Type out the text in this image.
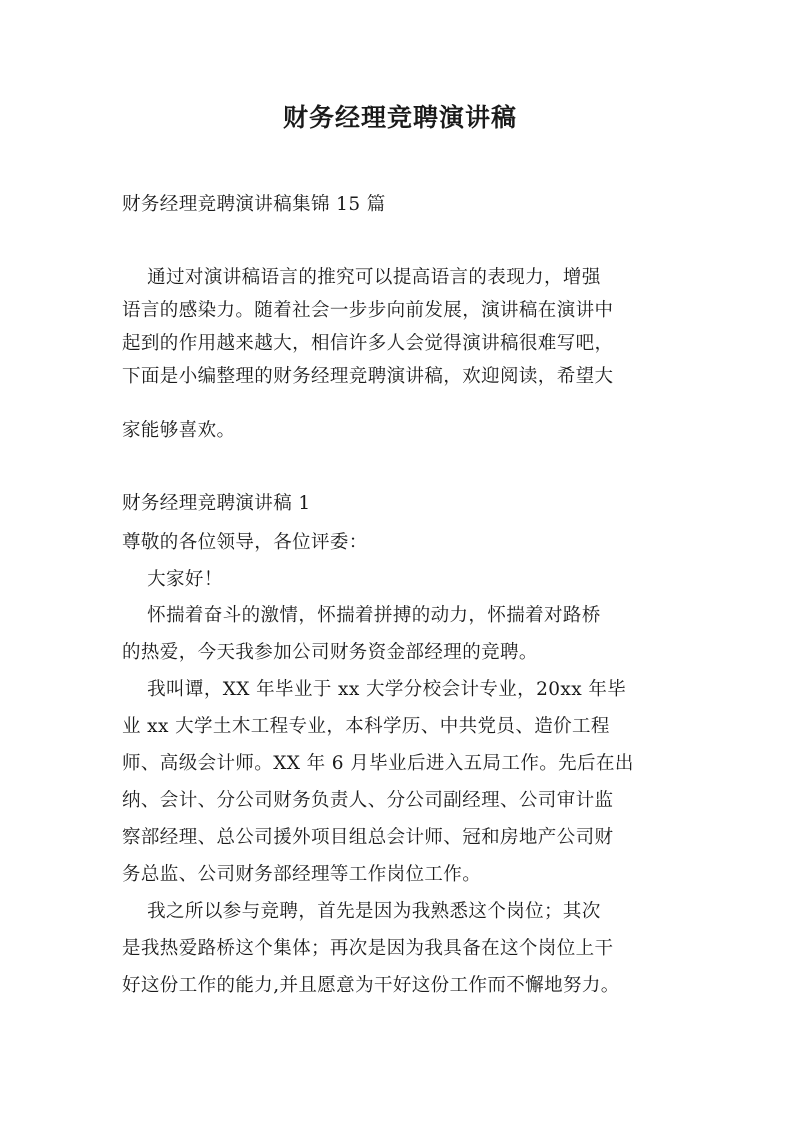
财务经理竞聘演讲稿
财务经理竞聘演讲稿集锦 15 篇
通过对演讲稿语言的推究可以提高语言的表现力，增强
语言的感染力。随着社会一步步向前发展，演讲稿在演讲中
起到的作用越来越大，相信许多人会觉得演讲稿很难写吧，
下面是小编整理的财务经理竞聘演讲稿，欢迎阅读，希望大
家能够喜欢。
财务经理竞聘演讲稿 1
尊敬的各位领导，各位评委：
大家好！
怀揣着奋斗的激情，怀揣着拼搏的动力，怀揣着对路桥
的热爱，今天我参加公司财务资金部经理的竞聘。
我叫谭，XX 年毕业于 xx 大学分校会计专业，20xx 年毕
业 xx 大学土木工程专业，本科学历、中共党员、造价工程
师、高级会计师。XX 年 6 月毕业后进入五局工作。先后在出
纳、会计、分公司财务负责人、分公司副经理、公司审计监
察部经理、总公司援外项目组总会计师、冠和房地产公司财
务总监、公司财务部经理等工作岗位工作。
我之所以参与竞聘，首先是因为我熟悉这个岗位；其次
是我热爱路桥这个集体；再次是因为我具备在这个岗位上干
好这份工作的能力,并且愿意为干好这份工作而不懈地努力。
